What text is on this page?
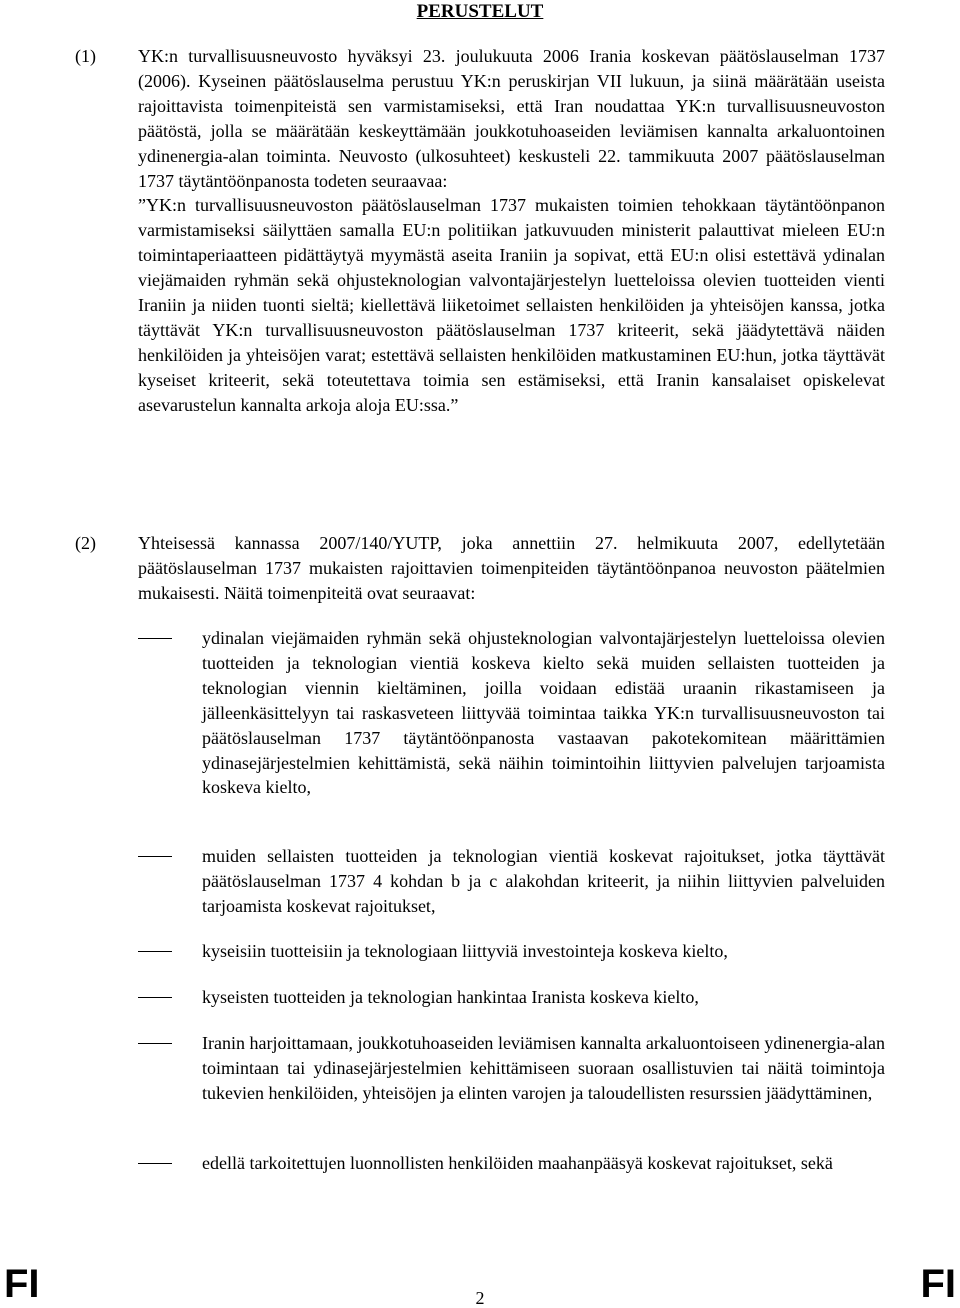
PERUSTELUT
(1)	YK:n turvallisuusneuvosto hyväksyi 23. joulukuuta 2006 Irania koskevan päätöslauselman 1737 (2006). Kyseinen päätöslauselma perustuu YK:n peruskirjan VII lukuun, ja siinä määrätään useista rajoittavista toimenpiteistä sen varmistamiseksi, että Iran noudattaa YK:n turvallisuusneuvoston päätöstä, jolla se määrätään keskeyttämään joukkotuhoaseiden leviämisen kannalta arkaluontoinen ydinenergia-alan toiminta. Neuvosto (ulkosuhteet) keskusteli 22. tammikuuta 2007 päätöslauselman 1737 täytäntöönpanosta todeten seuraavaa:

”YK:n turvallisuusneuvoston päätöslauselman 1737 mukaisten toimien tehokkaan täytäntöönpanon varmistamiseksi säilyttäen samalla EU:n politiikan jatkuvuuden ministerit palauttivat mieleen EU:n toimintaperiaatteen pidättäytyä myymästä aseita Iraniin ja sopivat, että EU:n olisi estettävä ydinalan viejämaiden ryhmän sekä ohjusteknologian valvontajärjestelyn luetteloissa olevien tuotteiden vienti Iraniin ja niiden tuonti sieltä; kiellettävä liiketoimet sellaisten henkilöiden ja yhteisöjen kanssa, jotka täyttävät YK:n turvallisuusneuvoston päätöslauselman 1737 kriteerit, sekä jäädytettävä näiden henkilöiden ja yhteisöjen varat; estettävä sellaisten henkilöiden matkustaminen EU:hun, jotka täyttävät kyseiset kriteerit, sekä toteutettava toimia sen estämiseksi, että Iranin kansalaiset opiskelevat asevarustelun kannalta arkoja aloja EU:ssa.”

(2)	Yhteisessä kannassa 2007/140/YUTP, joka annettiin 27. helmikuuta 2007, edellytetään päätöslauselman 1737 mukaisten rajoittavien toimenpiteiden täytäntöönpanoa neuvoston päätelmien mukaisesti. Näitä toimenpiteitä ovat seuraavat:

ydinalan viejämaiden ryhmän sekä ohjusteknologian valvontajärjestelyn luetteloissa olevien tuotteiden ja teknologian vientiä koskeva kielto sekä muiden sellaisten tuotteiden ja teknologian viennin kieltäminen, joilla voidaan edistää uraanin rikastamiseen ja jälleenkäsittelyyn tai raskasveteen liittyvää toimintaa taikka YK:n turvallisuusneuvoston tai päätöslauselman 1737 täytäntöönpanosta vastaavan pakotekomitean määrittämien ydinasejärjestelmien kehittämistä, sekä näihin toimintoihin liittyvien palvelujen tarjoamista koskeva kielto,
muiden sellaisten tuotteiden ja teknologian vientiä koskevat rajoitukset, jotka täyttävät päätöslauselman 1737 4 kohdan b ja c alakohdan kriteerit, ja niihin liittyvien palveluiden tarjoamista koskevat rajoitukset,
kyseisiin tuotteisiin ja teknologiaan liittyviä investointeja koskeva kielto,
kyseisten tuotteiden ja teknologian hankintaa Iranista koskeva kielto,
Iranin harjoittamaan, joukkotuhoaseiden leviämisen kannalta arkaluontoiseen ydinenergia-alan toimintaan tai ydinasejärjestelmien kehittämiseen suoraan osallistuvien tai näitä toimintoja tukevien henkilöiden, yhteisöjen ja elinten varojen ja taloudellisten resurssien jäädyttäminen,
edellä tarkoitettujen luonnollisten henkilöiden maahanpääsyä koskevat rajoitukset, sekä
FI	2	FI
